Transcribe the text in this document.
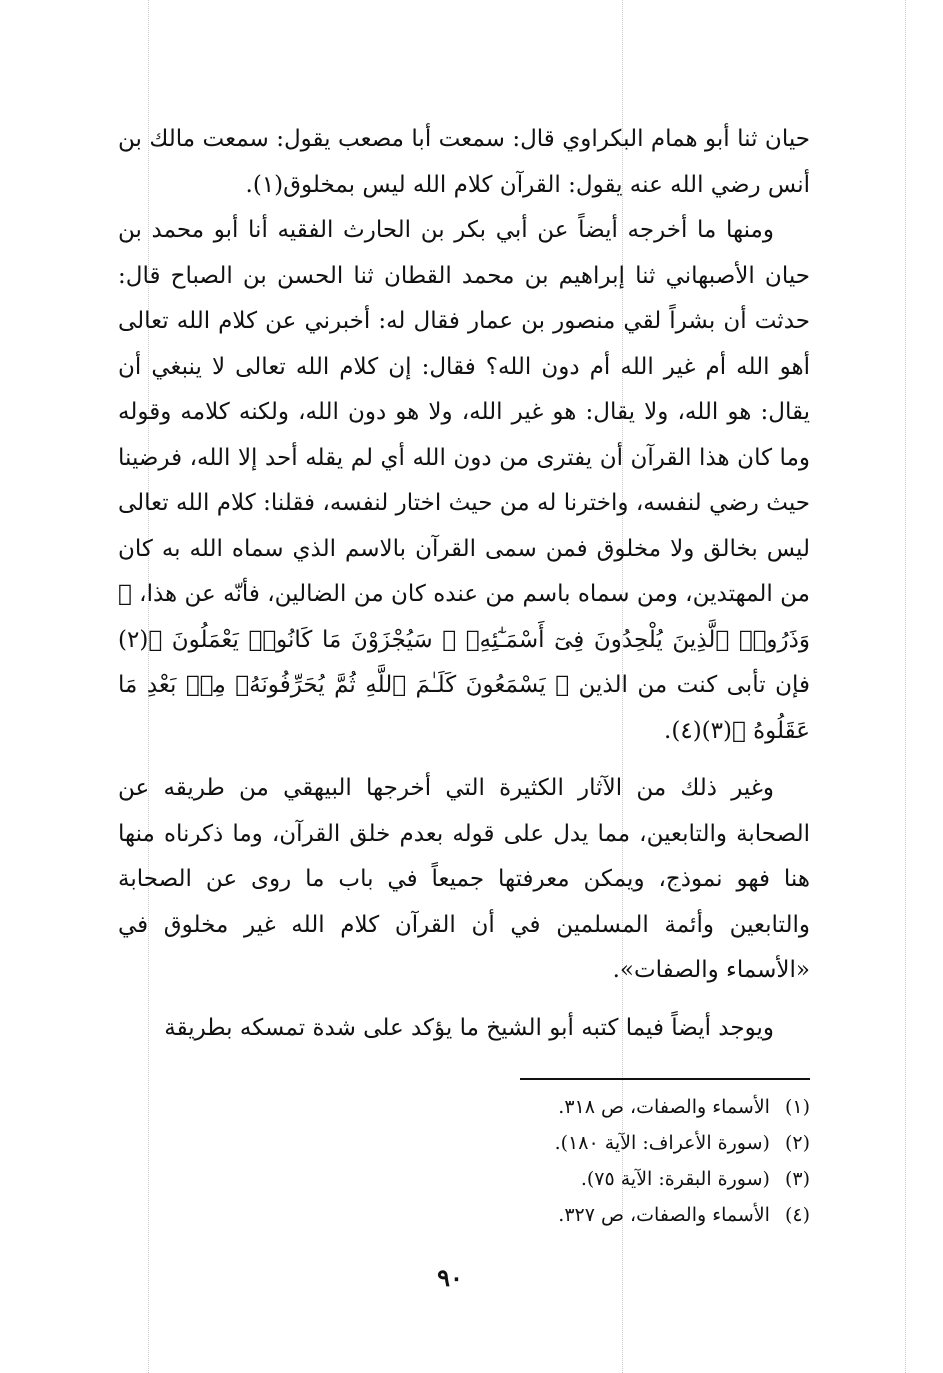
حيان ثنا أبو همام البكراوي قال: سمعت أبا مصعب يقول: سمعت مالك بن أنس رضي الله عنه يقول: القرآن كلام الله ليس بمخلوق(١).

ومنها ما أخرجه أيضاً عن أبي بكر بن الحارث الفقيه أنا أبو محمد بن حيان الأصبهاني ثنا إبراهيم بن محمد القطان ثنا الحسن بن الصباح قال: حدثت أن بشراً لقي منصور بن عمار فقال له: أخبرني عن كلام الله تعالى أهو الله أم غير الله أم دون الله؟ فقال: إن كلام الله تعالى لا ينبغي أن يقال: هو الله، ولا يقال: هو غير الله، ولا هو دون الله، ولكنه كلامه وقوله وما كان هذا القرآن أن يفترى من دون الله أي لم يقله أحد إلا الله، فرضينا حيث رضي لنفسه، واخترنا له من حيث اختار لنفسه، فقلنا: كلام الله تعالى ليس بخالق ولا مخلوق فمن سمى القرآن بالاسم الذي سماه الله به كان من المهتدين، ومن سماه باسم من عنده كان من الضالين، فأنّه عن هذا، ﴿ وَذَرُوا۟ ٱلَّذِينَ يُلْحِدُونَ فِىٓ أَسْمَـٰٓئِهِۦ ۚ سَيُجْزَوْنَ مَا كَانُوا۟ يَعْمَلُونَ ﴾(٢) فإن تأبى كنت من الذين ﴿ يَسْمَعُونَ كَلَـٰمَ ٱللَّهِ ثُمَّ يُحَرِّفُونَهُۥ مِنۢ بَعْدِ مَا عَقَلُوهُ ﴾(٣)(٤).

وغير ذلك من الآثار الكثيرة التي أخرجها البيهقي من طريقه عن الصحابة والتابعين، مما يدل على قوله بعدم خلق القرآن، وما ذكرناه منها هنا فهو نموذج، ويمكن معرفتها جميعاً في باب ما روى عن الصحابة والتابعين وأئمة المسلمين في أن القرآن كلام الله غير مخلوق في «الأسماء والصفات».

ويوجد أيضاً فيما كتبه أبو الشيخ ما يؤكد على شدة تمسكه بطريقة

(١) الأسماء والصفات، ص ٣١٨.
(٢) (سورة الأعراف: الآية ١٨٠).
(٣) (سورة البقرة: الآية ٧٥).
(٤) الأسماء والصفات، ص ٣٢٧.
٩٠
